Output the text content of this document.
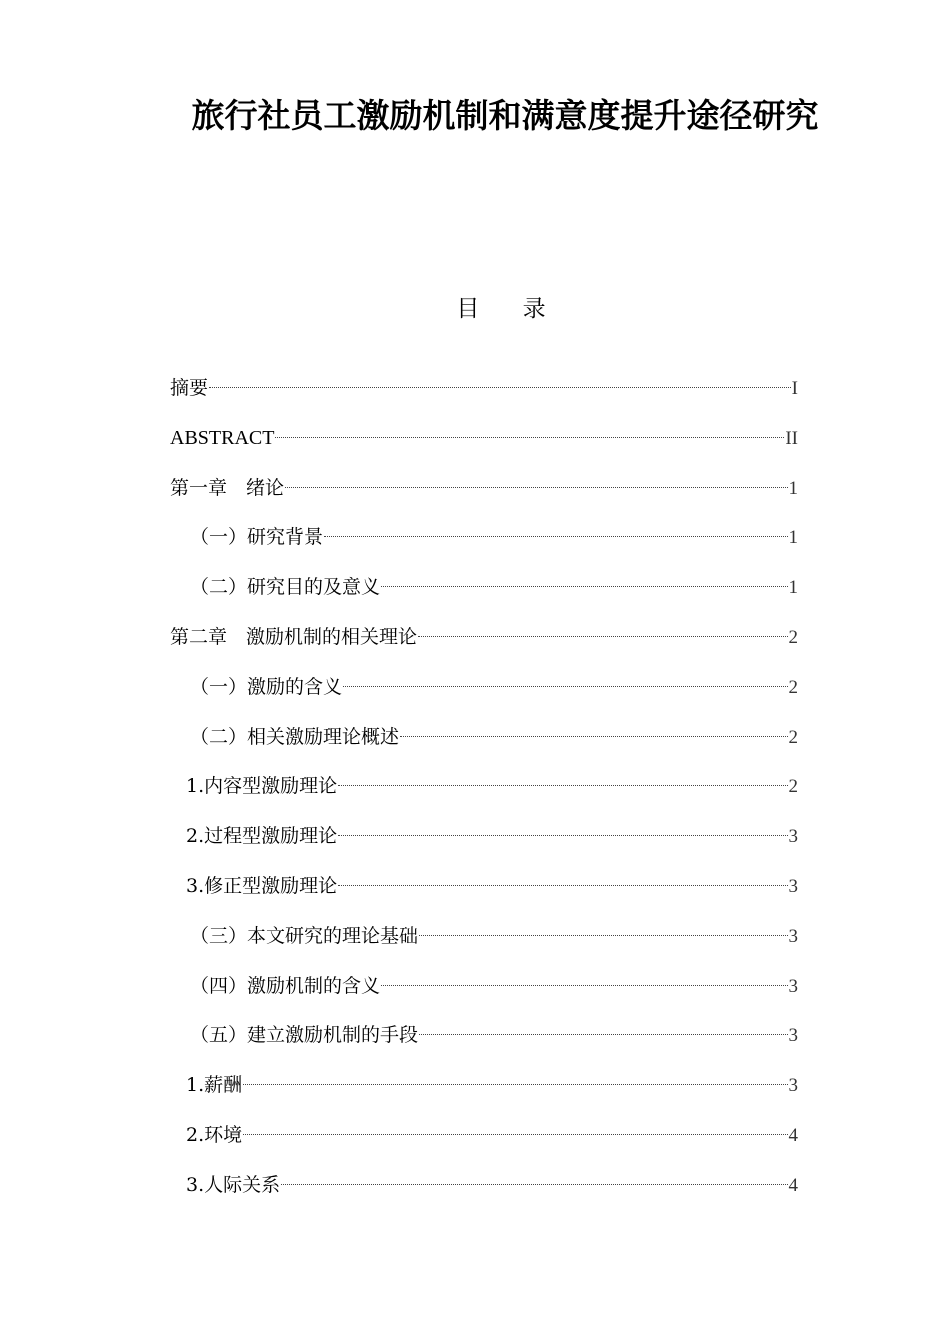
旅行社员工激励机制和满意度提升途径研究
目 录
摘要	I
ABSTRACT	II
第一章　绪论	1
（一）研究背景	1
（二）研究目的及意义	1
第二章　激励机制的相关理论	2
（一）激励的含义	2
（二）相关激励理论概述	2
1.内容型激励理论	2
2.过程型激励理论	3
3.修正型激励理论	3
（三）本文研究的理论基础	3
（四）激励机制的含义	3
（五）建立激励机制的手段	3
1.薪酬	3
2.环境	4
3.人际关系	4
